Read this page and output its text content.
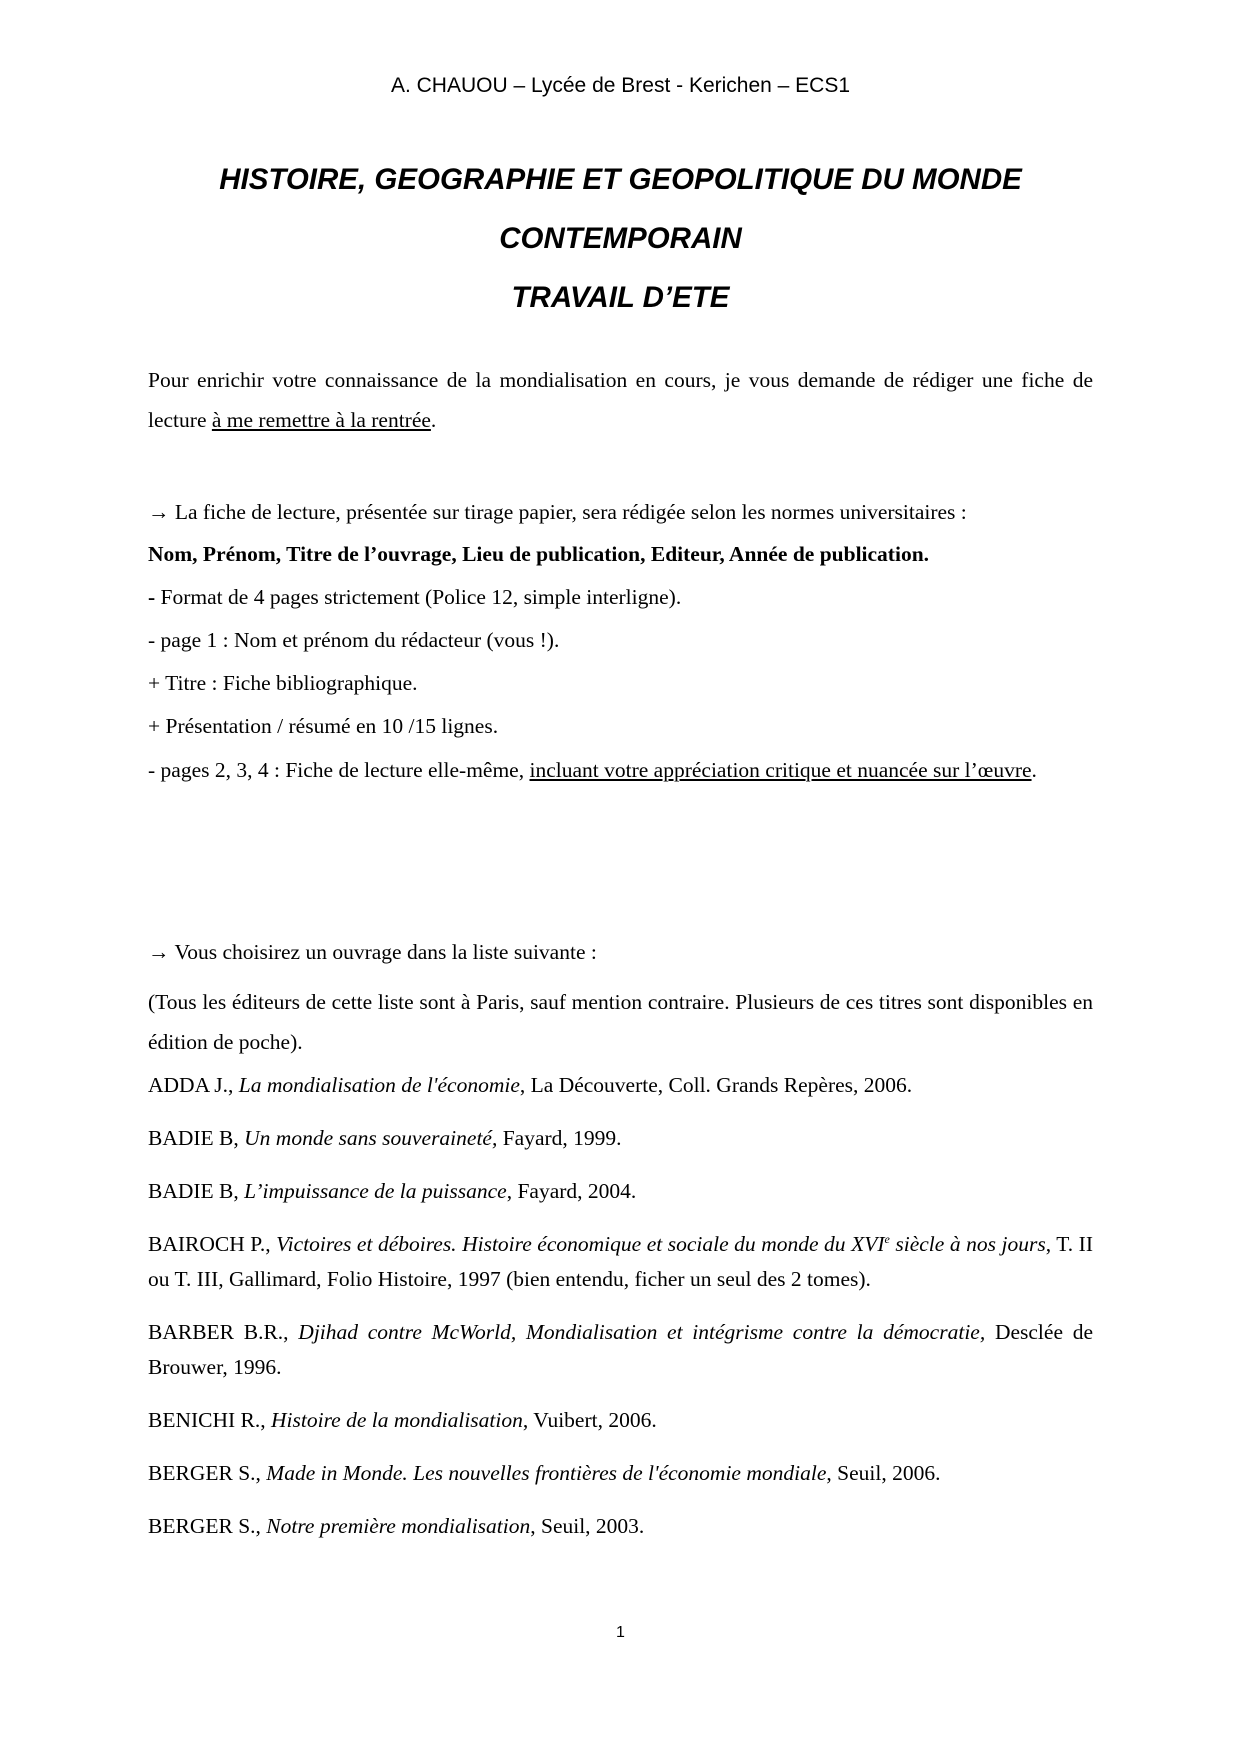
A. CHAUOU – Lycée de Brest - Kerichen – ECS1
HISTOIRE, GEOGRAPHIE ET GEOPOLITIQUE DU MONDE
CONTEMPORAIN
TRAVAIL D’ETE
Pour enrichir votre connaissance de la mondialisation en cours, je vous demande de rédiger une fiche de lecture à me remettre à la rentrée.
→ La fiche de lecture, présentée sur tirage papier, sera rédigée selon les normes universitaires :
Nom, Prénom, Titre de l’ouvrage, Lieu de publication, Editeur, Année de publication.
- Format de 4 pages strictement (Police 12, simple interligne).
- page 1 : Nom et prénom du rédacteur (vous !).
+ Titre : Fiche bibliographique.
+ Présentation / résumé en 10 /15 lignes.
- pages 2, 3, 4 : Fiche de lecture elle-même, incluant votre appréciation critique et nuancée sur l’œuvre.
→ Vous choisirez un ouvrage dans la liste suivante :
(Tous les éditeurs de cette liste sont à Paris, sauf mention contraire. Plusieurs de ces titres sont disponibles en édition de poche).
ADDA J., La mondialisation de l'économie, La Découverte, Coll. Grands Repères, 2006.
BADIE B, Un monde sans souveraineté, Fayard, 1999.
BADIE B, L’impuissance de la puissance, Fayard, 2004.
BAIROCH P., Victoires et déboires. Histoire économique et sociale du monde du XVIe siècle à nos jours, T. II ou T. III, Gallimard, Folio Histoire, 1997 (bien entendu, ficher un seul des 2 tomes).
BARBER B.R., Djihad contre McWorld, Mondialisation et intégrisme contre la démocratie, Desclée de Brouwer, 1996.
BENICHI R., Histoire de la mondialisation, Vuibert, 2006.
BERGER S., Made in Monde. Les nouvelles frontières de l'économie mondiale, Seuil, 2006.
BERGER S., Notre première mondialisation, Seuil, 2003.
1
